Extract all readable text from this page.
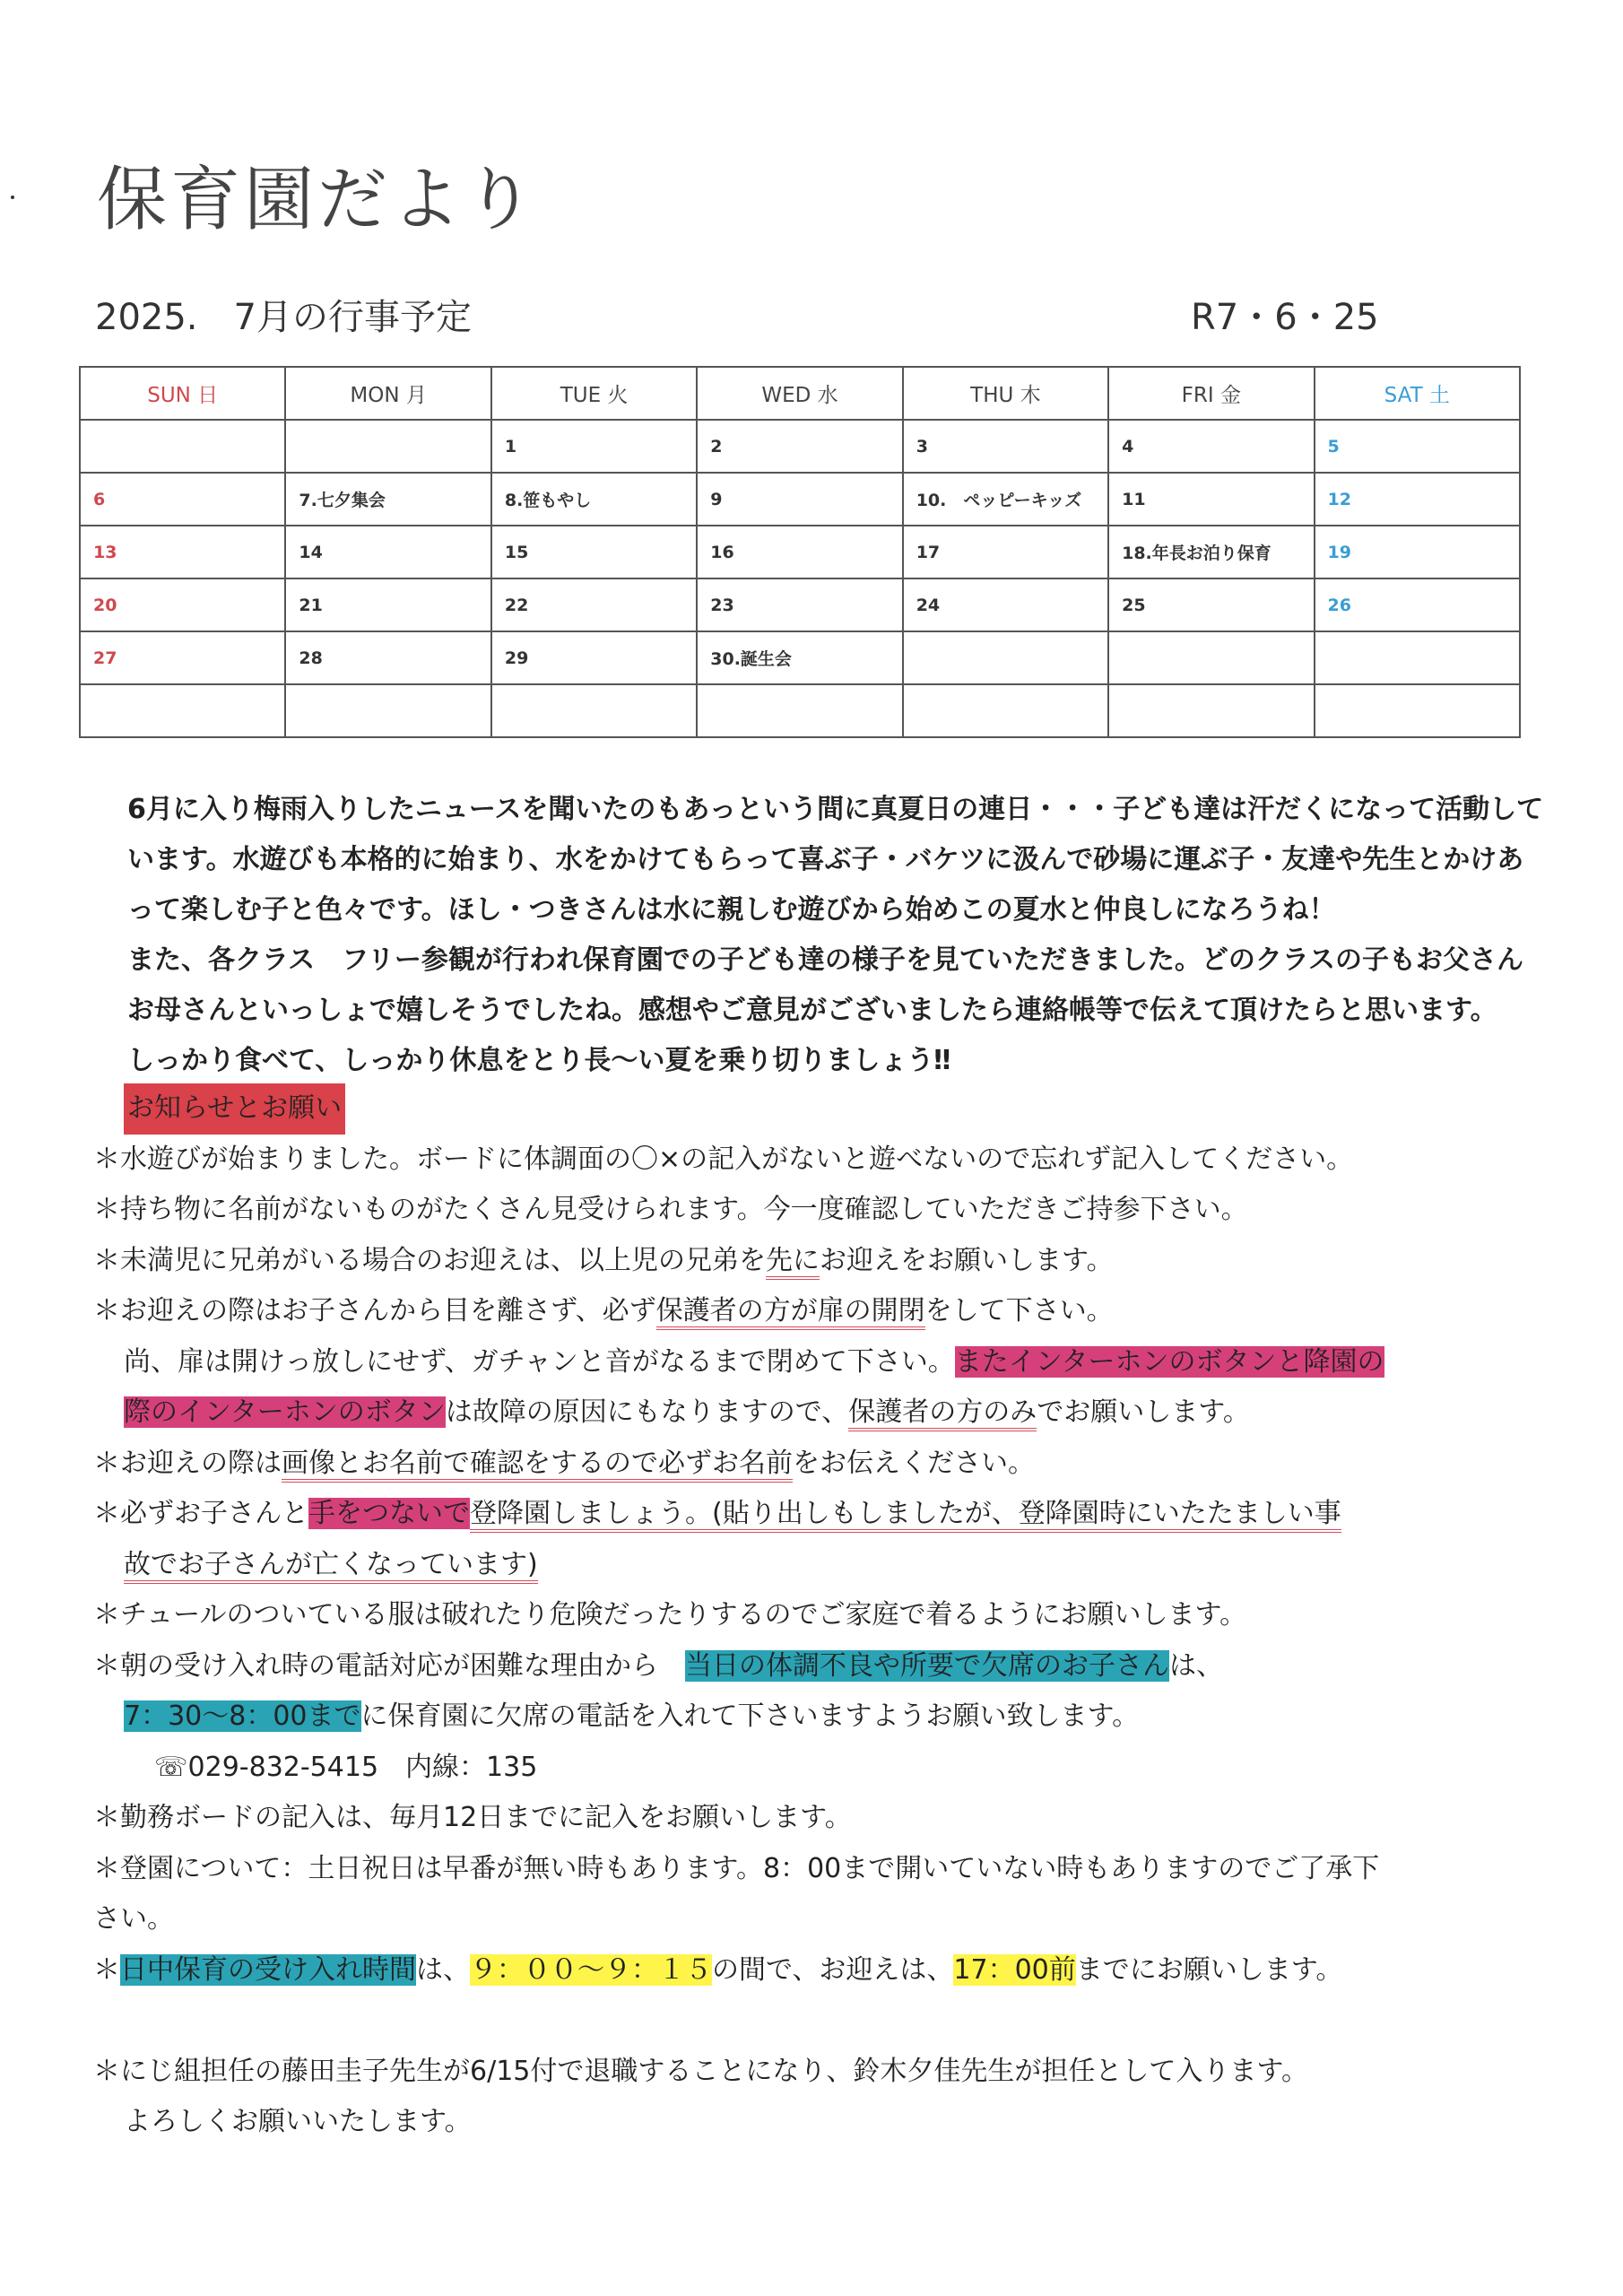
保育園だより
2025.　7月の行事予定	R7・6・25
SUN 日	MON 月	TUE 火	WED 水	THU 木	FRI 金	SAT 土
		1	2	3	4	5
6	7.七夕集会	8.笹もやし	9	10.　ペッピーキッズ	11	12
13	14	15	16	17	18.年長お泊り保育	19
20	21	22	23	24	25	26
27	28	29	30.誕生会			

6月に入り梅雨入りしたニュースを聞いたのもあっという間に真夏日の連日・・・子ども達は汗だくになって活動しています。水遊びも本格的に始まり、水をかけてもらって喜ぶ子・バケツに汲んで砂場に運ぶ子・友達や先生とかけあって楽しむ子と色々です。ほし・つきさんは水に親しむ遊びから始めこの夏水と仲良しになろうね！

また、各クラス　フリー参観が行われ保育園での子ども達の様子を見ていただきました。どのクラスの子もお父さんお母さんといっしょで嬉しそうでしたね。感想やご意見がございましたら連絡帳等で伝えて頂けたらと思います。

しっかり食べて、しっかり休息をとり長～い夏を乗り切りましょう‼

お知らせとお願い

＊水遊びが始まりました。ボードに体調面の〇×の記入がないと遊べないので忘れず記入してください。

＊持ち物に名前がないものがたくさん見受けられます。今一度確認していただきご持参下さい。

＊未満児に兄弟がいる場合のお迎えは、以上児の兄弟を先にお迎えをお願いします。

＊お迎えの際はお子さんから目を離さず、必ず保護者の方が扉の開閉をして下さい。

尚、扉は開けっ放しにせず、ガチャンと音がなるまで閉めて下さい。またインターホンのボタンと降園の

際のインターホンのボタンは故障の原因にもなりますので、保護者の方のみでお願いします。

＊お迎えの際は画像とお名前で確認をするので必ずお名前をお伝えください。

＊必ずお子さんと手をつないで登降園しましょう。(貼り出しもしましたが、登降園時にいたたましい事

故でお子さんが亡くなっています)

＊チュールのついている服は破れたり危険だったりするのでご家庭で着るようにお願いします。

＊朝の受け入れ時の電話対応が困難な理由から　当日の体調不良や所要で欠席のお子さんは、

7：30～8：00までに保育園に欠席の電話を入れて下さいますようお願い致します。

☏029-832-5415　内線：135

＊勤務ボードの記入は、毎月12日までに記入をお願いします。

＊登園について：土日祝日は早番が無い時もあります。8：00まで開いていない時もありますのでご了承下

さい。

＊日中保育の受け入れ時間は、９：００～９：１５の間で、お迎えは、17：00前までにお願いします。

＊にじ組担任の藤田圭子先生が6/15付で退職することになり、鈴木夕佳先生が担任として入ります。

よろしくお願いいたします。
